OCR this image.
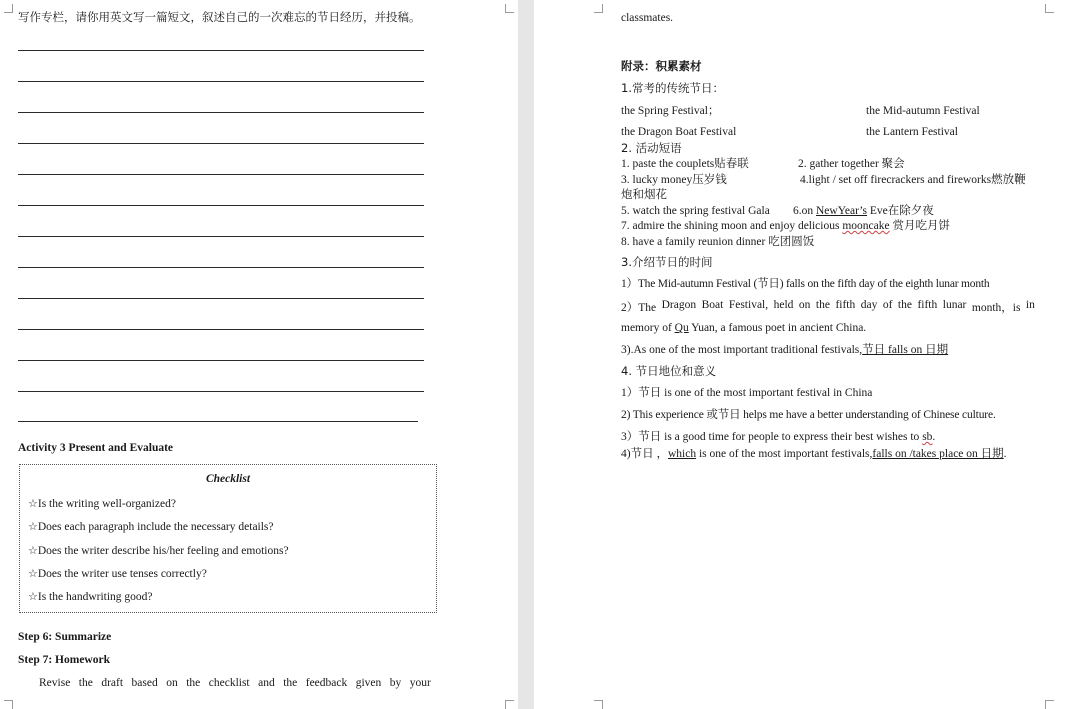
写作专栏，请你用英文写一篇短文，叙述自己的一次难忘的节日经历，并投稿。
Activity 3 Present and Evaluate
Checklist
☆Is the writing well-organized?
☆Does each paragraph include the necessary details?
☆Does the writer describe his/her feeling and emotions?
☆Does the writer use tenses correctly?
☆Is the handwriting good?
Step 6: Summarize
Step 7: Homework
Revise the draft based on the checklist and the feedback given by your
classmates.
附录：积累素材
1.常考的传统节日：
the Spring Festival；	the Mid-autumn Festival
the Dragon Boat Festival	the Lantern Festival
2. 活动短语
1. paste the couplets贴春联	2. gather together 聚会
3. lucky money压岁钱	4.light / set off firecrackers and fireworks燃放鞭
炮和烟花
5. watch the spring festival Gala 6.on NewYear’s Eve在除夕夜
7. admire the shining moon and enjoy delicious mooncake 赏月吃月饼
8. have a family reunion dinner 吃团圆饭
3.介绍节日的时间
1）The Mid-autumn Festival (节日) falls on the fifth day of the eighth lunar month
2）The Dragon Boat Festival, held on the fifth day of the fifth lunar month，is in
memory of Qu Yuan, a famous poet in ancient China.
3).As one of the most important traditional festivals,节日 falls on 日期
4. 节日地位和意义
1）节日 is one of the most important festival in China
2) This experience 或节日 helps me have a better understanding of Chinese culture.
3）节日 is a good time for people to express their best wishes to sb.
4)节日 ，which is one of the most important festivals,falls on /takes place on 日期.
